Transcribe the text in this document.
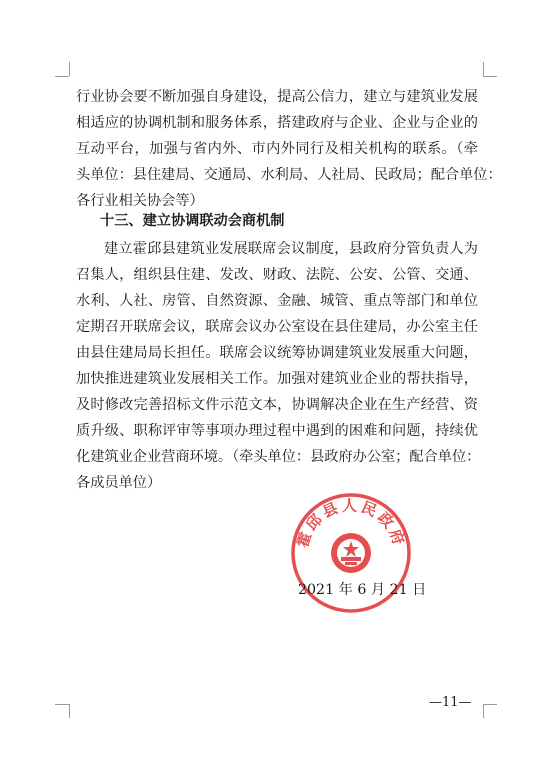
行业协会要不断加强自身建设，提高公信力，建立与建筑业发展
相适应的协调机制和服务体系，搭建政府与企业、企业与企业的
互动平台，加强与省内外、市内外同行及相关机构的联系。（牵
头单位：县住建局、交通局、水利局、人社局、民政局；配合单位：
各行业相关协会等）
十三、建立协调联动会商机制
建立霍邱县建筑业发展联席会议制度，县政府分管负责人为
召集人，组织县住建、发改、财政、法院、公安、公管、交通、
水利、人社、房管、自然资源、金融、城管、重点等部门和单位
定期召开联席会议，联席会议办公室设在县住建局，办公室主任
由县住建局局长担任。联席会议统筹协调建筑业发展重大问题，
加快推进建筑业发展相关工作。加强对建筑业企业的帮扶指导，
及时修改完善招标文件示范文本，协调解决企业在生产经营、资
质升级、职称评审等事项办理过程中遇到的困难和问题，持续优
化建筑业企业营商环境。（牵头单位：县政府办公室；配合单位：
各成员单位）
霍邱县人民政府
2021 年 6 月 21 日
—11—
